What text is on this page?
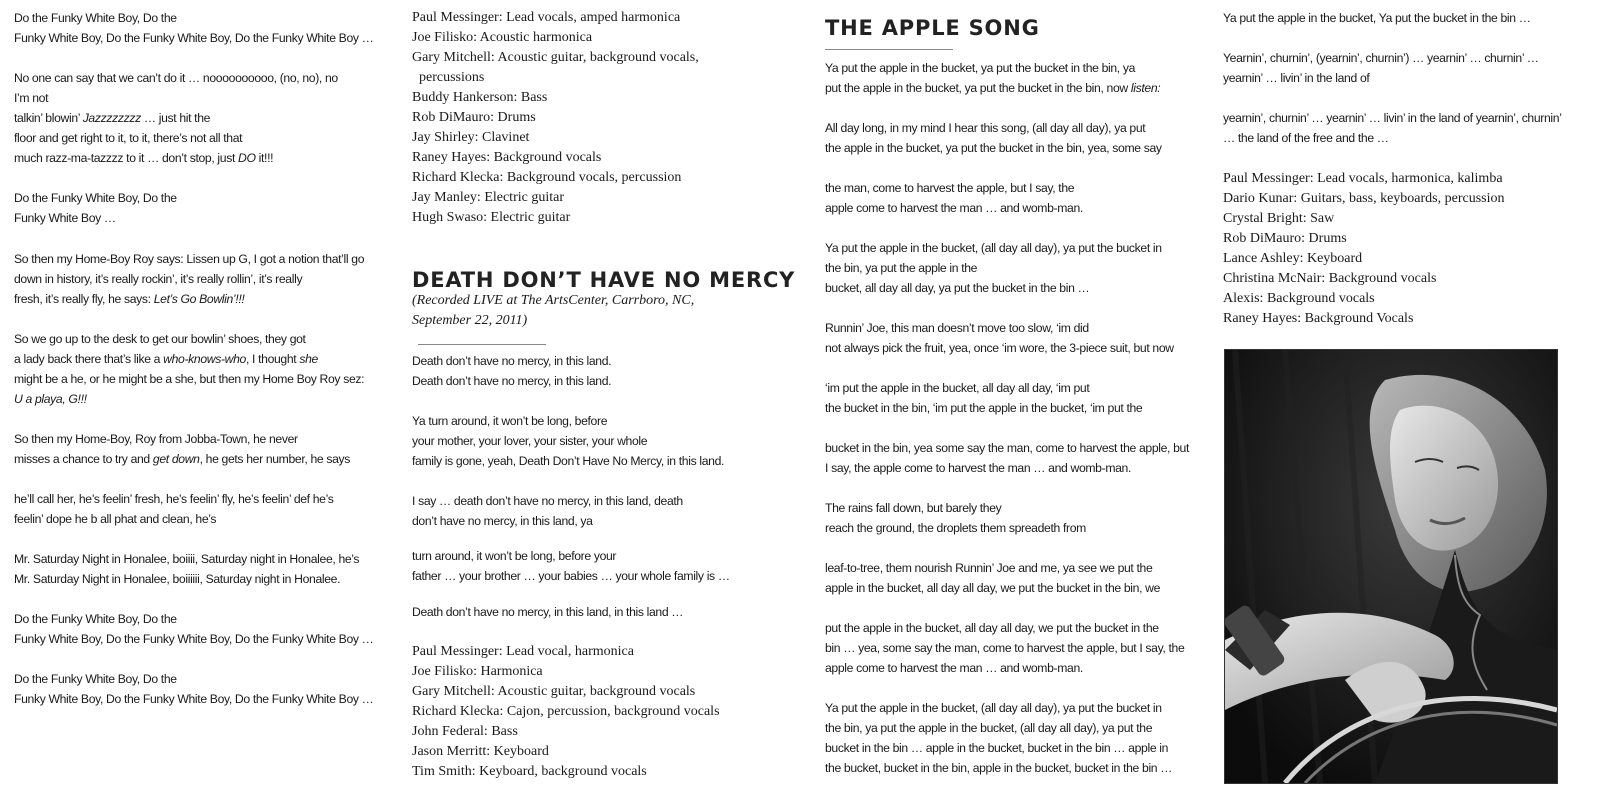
Do the Funky White Boy, Do the
Funky White Boy, Do the Funky White Boy, Do the Funky White Boy …
No one can say that we can’t do it … noooooooooo, (no, no), no
I’m not
talkin’ blowin’ Jazzzzzzzz … just hit the
floor and get right to it, to it, there’s not all that
much razz-ma-tazzzz to it … don’t stop, just DO it!!!
Do the Funky White Boy, Do the
Funky White Boy …
So then my Home-Boy Roy says: Lissen up G, I got a notion that’ll go
down in history, it’s really rockin’, it’s really rollin’, it’s really
fresh, it’s really fly, he says: Let’s Go Bowlin’!!!
So we go up to the desk to get our bowlin’ shoes, they got
a lady back there that’s like a who-knows-who, I thought she
might be a he, or he might be a she, but then my Home Boy Roy sez:
U a playa, G!!!
So then my Home-Boy, Roy from Jobba-Town, he never
misses a chance to try and get down, he gets her number, he says
he’ll call her, he’s feelin’ fresh, he’s feelin’ fly, he’s feelin’ def he’s
feelin’ dope he b all phat and clean, he’s
Mr. Saturday Night in Honalee, boiiii, Saturday night in Honalee, he’s
Mr. Saturday Night in Honalee, boiiiiii, Saturday night in Honalee.
Do the Funky White Boy, Do the
Funky White Boy, Do the Funky White Boy, Do the Funky White Boy …
Do the Funky White Boy, Do the
Funky White Boy, Do the Funky White Boy, Do the Funky White Boy …
Paul Messinger: Lead vocals, amped harmonica
Joe Filisko: Acoustic harmonica
Gary Mitchell: Acoustic guitar, background vocals,
percussions
Buddy Hankerson: Bass
Rob DiMauro: Drums
Jay Shirley: Clavinet
Raney Hayes: Background vocals
Richard Klecka: Background vocals, percussion
Jay Manley: Electric guitar
Hugh Swaso: Electric guitar
DEATH DON’T HAVE NO MERCY
(Recorded LIVE at The ArtsCenter, Carrboro, NC,
September 22, 2011)
Death don’t have no mercy, in this land.
Death don’t have no mercy, in this land.
Ya turn around, it won’t be long, before
your mother, your lover, your sister, your whole
family is gone, yeah, Death Don’t Have No Mercy, in this land.
I say … death don’t have no mercy, in this land, death
don’t have no mercy, in this land, ya
turn around, it won’t be long, before your
father … your brother … your babies … your whole family is …
Death don’t have no mercy, in this land, in this land …
Paul Messinger: Lead vocal, harmonica
Joe Filisko: Harmonica
Gary Mitchell: Acoustic guitar, background vocals
Richard Klecka: Cajon, percussion, background vocals
John Federal: Bass
Jason Merritt: Keyboard
Tim Smith: Keyboard, background vocals
THE APPLE SONG
Ya put the apple in the bucket, ya put the bucket in the bin, ya
put the apple in the bucket, ya put the bucket in the bin, now listen:
All day long, in my mind I hear this song, (all day all day), ya put
the apple in the bucket, ya put the bucket in the bin, yea, some say
the man, come to harvest the apple, but I say, the
apple come to harvest the man … and womb-man.
Ya put the apple in the bucket, (all day all day), ya put the bucket in
the bin, ya put the apple in the
bucket, all day all day, ya put the bucket in the bin …
Runnin’ Joe, this man doesn’t move too slow, ‘im did
not always pick the fruit, yea, once ‘im wore, the 3-piece suit, but now
‘im put the apple in the bucket, all day all day, ‘im put
the bucket in the bin, ‘im put the apple in the bucket, ‘im put the
bucket in the bin, yea some say the man, come to harvest the apple, but
I say, the apple come to harvest the man … and womb-man.
The rains fall down, but barely they
reach the ground, the droplets them spreadeth from
leaf-to-tree, them nourish Runnin’ Joe and me, ya see we put the
apple in the bucket, all day all day, we put the bucket in the bin, we
put the apple in the bucket, all day all day, we put the bucket in the
bin … yea, some say the man, come to harvest the apple, but I say, the
apple come to harvest the man … and womb-man.
Ya put the apple in the bucket, (all day all day), ya put the bucket in
the bin, ya put the apple in the bucket, (all day all day), ya put the
bucket in the bin … apple in the bucket, bucket in the bin … apple in
the bucket, bucket in the bin, apple in the bucket, bucket in the bin …
Ya put the apple in the bucket, Ya put the bucket in the bin …
Yearnin’, churnin’, (yearnin’, churnin’) … yearnin’ … churnin’ …
yearnin’ … livin’ in the land of
yearnin’, churnin’ … yearnin’ … livin’ in the land of yearnin’, churnin’
… the land of the free and the …
Paul Messinger: Lead vocals, harmonica, kalimba
Dario Kunar: Guitars, bass, keyboards, percussion
Crystal Bright: Saw
Rob DiMauro: Drums
Lance Ashley: Keyboard
Christina McNair: Background vocals
Alexis: Background vocals
Raney Hayes: Background Vocals
